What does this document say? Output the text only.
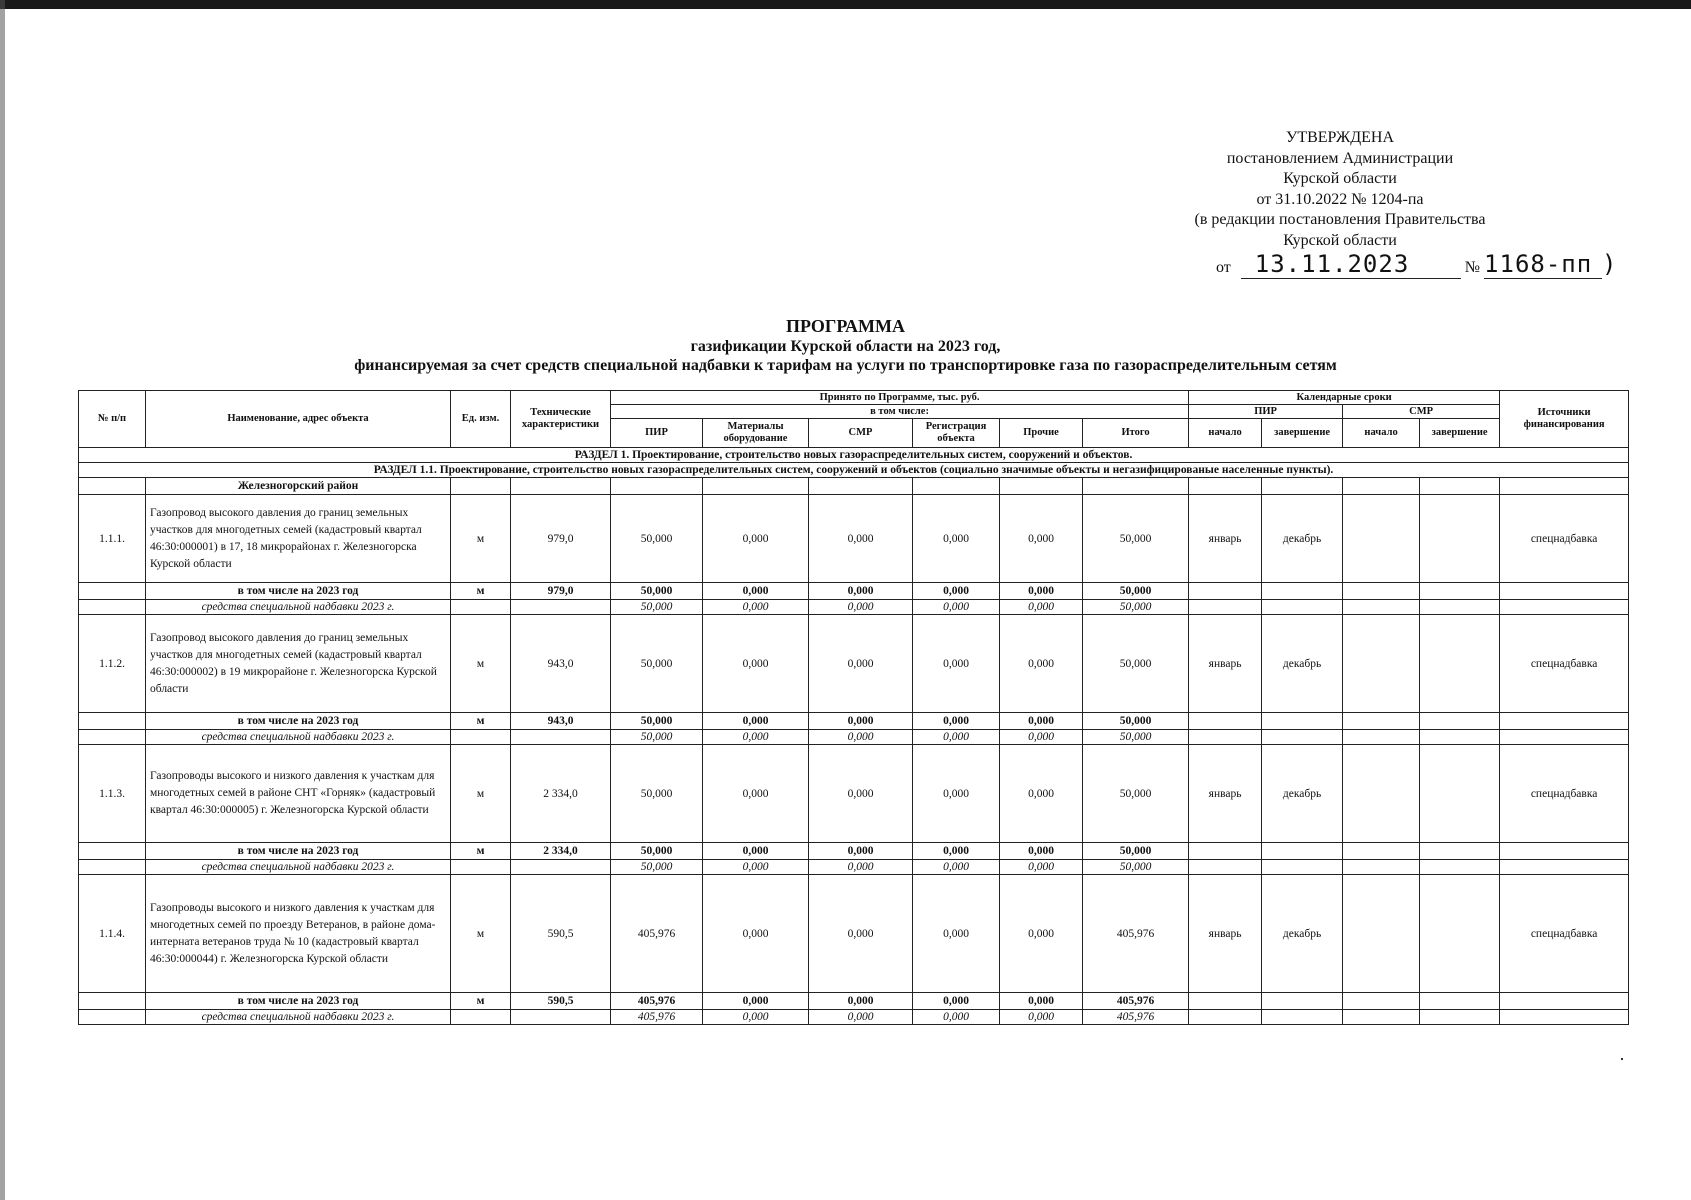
УТВЕРЖДЕНА
постановлением Администрации
Курской области
от 31.10.2022 № 1204-па
(в редакции постановления Правительства
Курской области
от 13.11.2023	№ 1168-пп )
ПРОГРАММА
газификации Курской области на 2023 год,
финансируемая за счет средств специальной надбавки к тарифам на услуги по транспортировке газа по газораспределительным сетям
№ п/п	Наименование, адрес объекта	Ед. изм.	Технические характеристики	Принято по Программе, тыс. руб.						Календарные сроки				Источники финансирования
				в том числе:						ПИР		СМР		
				ПИР	Материалы оборудование	СМР	Регистрация объекта	Прочие	Итого	начало	завершение	начало	завершение	
РАЗДЕЛ 1. Проектирование, строительство новых газораспределительных систем, сооружений и объектов.														
РАЗДЕЛ 1.1. Проектирование, строительство новых газораспределительных систем, сооружений и объектов (социально значимые объекты и негазифицированые населенные пункты).														
	Железногорский район													
1.1.1.	Газопровод высокого давления до границ земельных участков для многодетных семей (кадастровый квартал 46:30:000001) в 17, 18 микрорайонах г. Железногорска Курской области	м	979,0	50,000	0,000	0,000	0,000	0,000	50,000	январь	декабрь			спецнадбавка
	в том числе на 2023 год	м	979,0	50,000	0,000	0,000	0,000	0,000	50,000					
	средства специальной надбавки 2023 г.			50,000	0,000	0,000	0,000	0,000	50,000					
1.1.2.	Газопровод высокого давления до границ земельных участков для многодетных семей (кадастровый квартал 46:30:000002) в 19 микрорайоне г. Железногорска Курской области	м	943,0	50,000	0,000	0,000	0,000	0,000	50,000	январь	декабрь			спецнадбавка
	в том числе на 2023 год	м	943,0	50,000	0,000	0,000	0,000	0,000	50,000					
	средства специальной надбавки 2023 г.			50,000	0,000	0,000	0,000	0,000	50,000					
1.1.3.	Газопроводы высокого и низкого давления к участкам для многодетных семей в районе СНТ «Горняк» (кадастровый квартал 46:30:000005) г. Железногорска Курской области	м	2 334,0	50,000	0,000	0,000	0,000	0,000	50,000	январь	декабрь			спецнадбавка
	в том числе на 2023 год	м	2 334,0	50,000	0,000	0,000	0,000	0,000	50,000					
	средства специальной надбавки 2023 г.			50,000	0,000	0,000	0,000	0,000	50,000					
1.1.4.	Газопроводы высокого и низкого давления к участкам для многодетных семей по проезду Ветеранов, в районе дома-интерната ветеранов труда № 10 (кадастровый квартал 46:30:000044) г. Железногорска Курской области	м	590,5	405,976	0,000	0,000	0,000	0,000	405,976	январь	декабрь			спецнадбавка
	в том числе на 2023 год	м	590,5	405,976	0,000	0,000	0,000	0,000	405,976					
	средства специальной надбавки 2023 г.			405,976	0,000	0,000	0,000	0,000	405,976					
